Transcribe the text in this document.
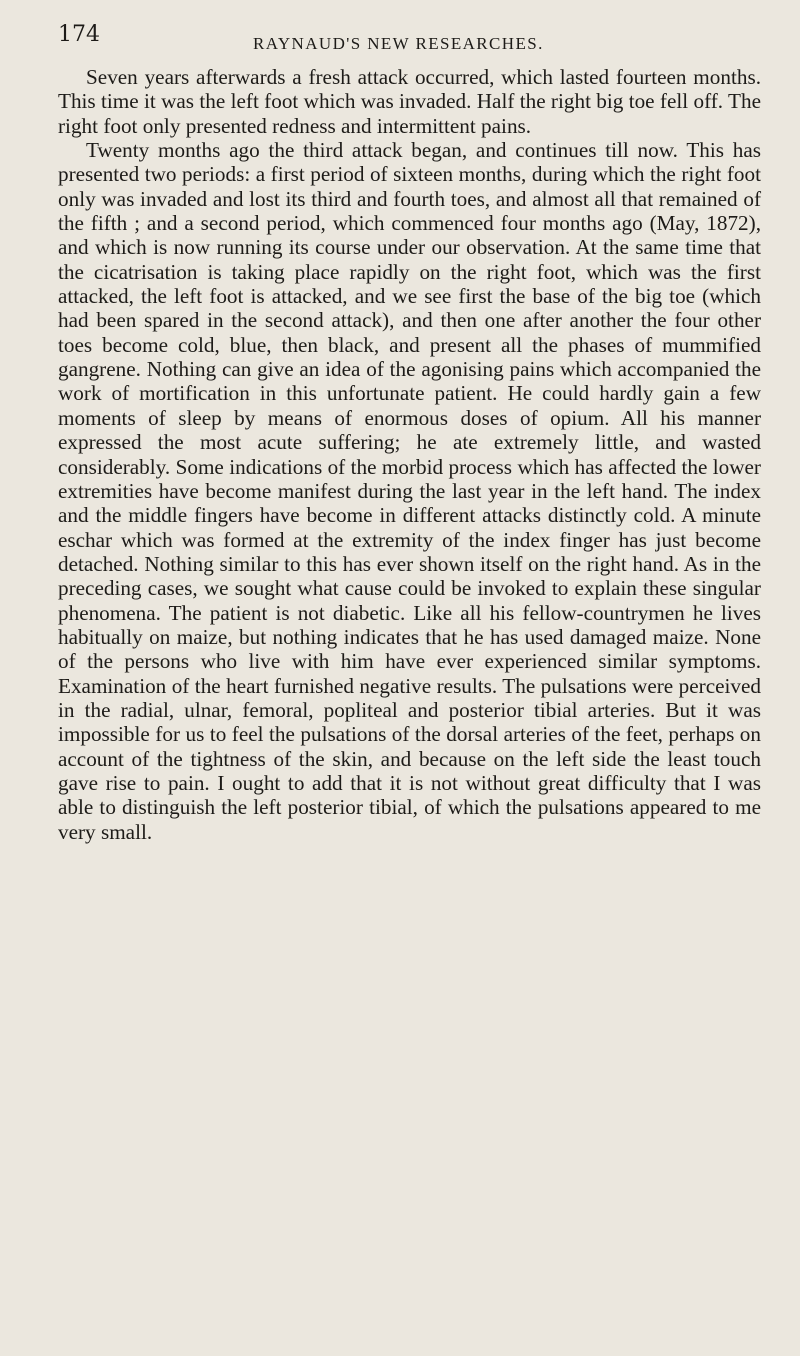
174	RAYNAUD'S NEW RESEARCHES.

Seven years afterwards a fresh attack occurred, which lasted fourteen months. This time it was the left foot which was invaded. Half the right big toe fell off. The right foot only presented redness and intermittent pains.

Twenty months ago the third attack began, and continues till now. This has presented two periods: a first period of sixteen months, during which the right foot only was invaded and lost its third and fourth toes, and almost all that remained of the fifth ; and a second period, which commenced four months ago (May, 1872), and which is now running its course under our observation. At the same time that the cicatrisation is taking place rapidly on the right foot, which was the first attacked, the left foot is attacked, and we see first the base of the big toe (which had been spared in the second attack), and then one after another the four other toes become cold, blue, then black, and present all the phases of mummified gangrene. Nothing can give an idea of the agonising pains which accompanied the work of mortification in this unfortunate patient. He could hardly gain a few moments of sleep by means of enormous doses of opium. All his manner expressed the most acute suffering; he ate extremely little, and wasted considerably. Some indications of the morbid process which has affected the lower extremities have become manifest during the last year in the left hand. The index and the middle fingers have become in different attacks distinctly cold. A minute eschar which was formed at the extremity of the index finger has just become detached. Nothing similar to this has ever shown itself on the right hand. As in the preceding cases, we sought what cause could be invoked to explain these singular phenomena. The patient is not diabetic. Like all his fellow-countrymen he lives habitually on maize, but nothing indicates that he has used damaged maize. None of the persons who live with him have ever experienced similar symptoms. Examination of the heart furnished negative results. The pulsations were perceived in the radial, ulnar, femoral, popliteal and posterior tibial arteries. But it was impossible for us to feel the pulsations of the dorsal arteries of the feet, perhaps on account of the tightness of the skin, and because on the left side the least touch gave rise to pain. I ought to add that it is not without great difficulty that I was able to distinguish the left posterior tibial, of which the pulsations appeared to me very small.
